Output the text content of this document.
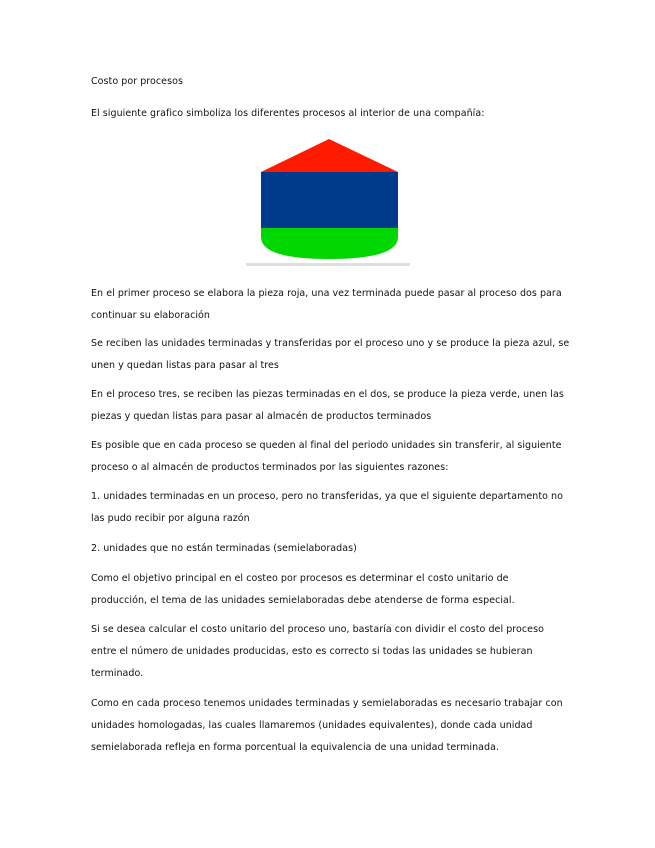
Costo por procesos
El siguiente grafico simboliza los diferentes procesos al interior de una compañía:
En el primer proceso se elabora la pieza roja, una vez terminada puede pasar al proceso dos para
continuar su elaboración
Se reciben las unidades terminadas y transferidas por el proceso uno y se produce la pieza azul, se
unen y quedan listas para pasar al tres
En el proceso tres, se reciben las piezas terminadas en el dos, se produce la pieza verde, unen las
piezas y quedan listas para pasar al almacén de productos terminados
Es posible que en cada proceso se queden al final del periodo unidades sin transferir, al siguiente
proceso o al almacén de productos terminados por las siguientes razones:
1. unidades terminadas en un proceso, pero no transferidas, ya que el siguiente departamento no
las pudo recibir por alguna razón
2. unidades que no están terminadas (semielaboradas)
Como el objetivo principal en el costeo por procesos es determinar el costo unitario de
producción, el tema de las unidades semielaboradas debe atenderse de forma especial.
Si se desea calcular el costo unitario del proceso uno, bastaría con dividir el costo del proceso
entre el número de unidades producidas, esto es correcto si todas las unidades se hubieran
terminado.
Como en cada proceso tenemos unidades terminadas y semielaboradas es necesario trabajar con
unidades homologadas, las cuales llamaremos (unidades equivalentes), donde cada unidad
semielaborada refleja en forma porcentual la equivalencia de una unidad terminada.
